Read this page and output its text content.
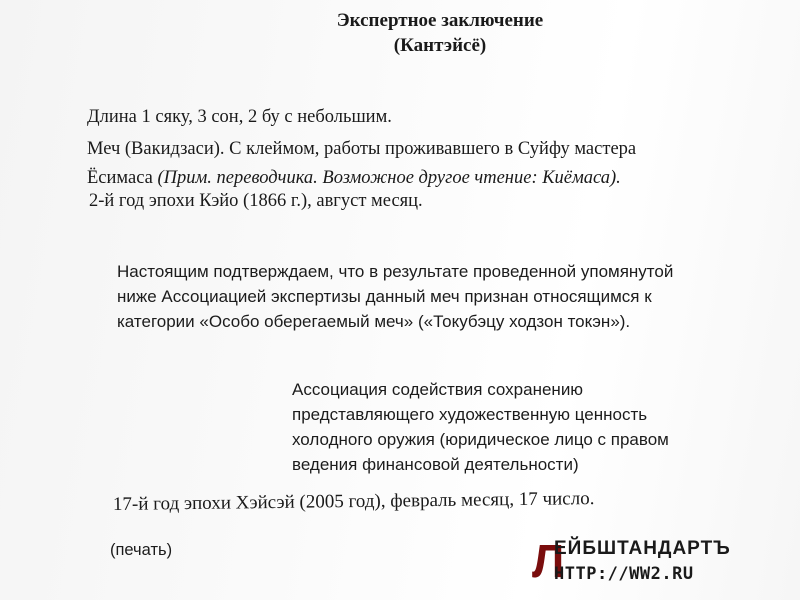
Экспертное заключение
(Кантэйсё)
Длина 1 сяку, 3 сон, 2 бу с небольшим.
Меч (Вакидзаси). С клеймом, работы проживавшего в Суйфу мастера
Ёсимаса (Прим. переводчика. Возможное другое чтение: Киёмаса).
2-й год эпохи Кэйо (1866 г.), август месяц.
Настоящим подтверждаем, что в результате проведенной упомянутой
ниже Ассоциацией экспертизы данный меч признан относящимся к
категории «Особо оберегаемый меч» («Токубэцу ходзон токэн»).
Ассоциация содействия сохранению
представляющего художественную ценность
холодного оружия (юридическое лицо с правом
ведения финансовой деятельности)
17-й год эпохи Хэйсэй (2005 год), февраль месяц, 17 число.
(печать)	Л
ЕЙБШТАНДАРТЪ
HTTP://WW2.RU
